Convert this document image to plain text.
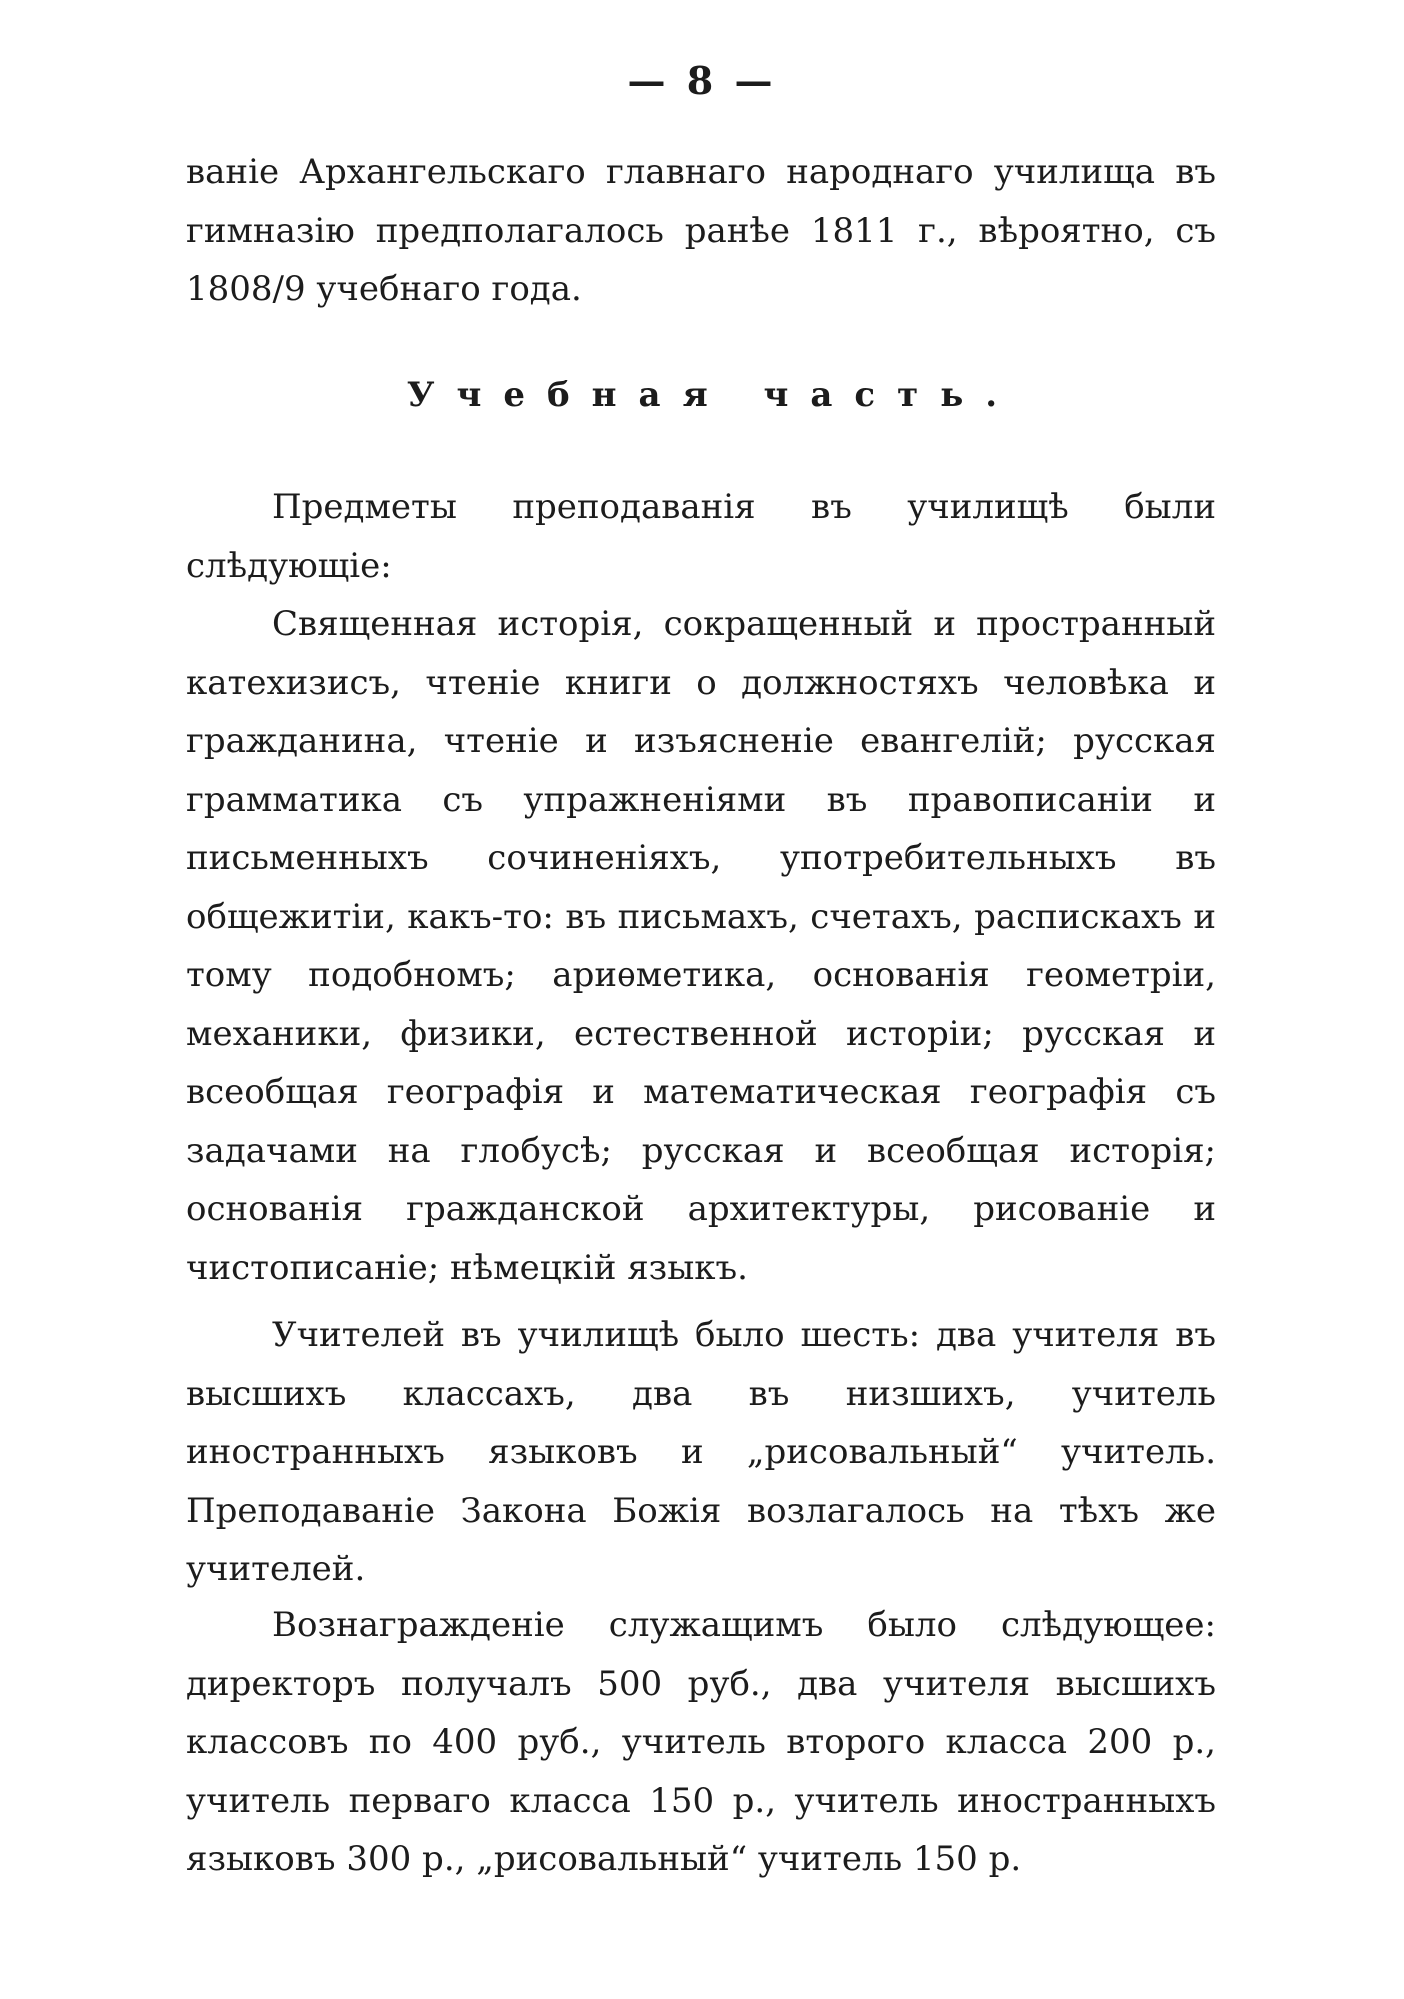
— 8 —

ваніе Архангельскаго главнаго народнаго училища въ гимназію предполагалось ранѣе 1811 г., вѣроятно, съ 1808/9 учебнаго года.

Учебная часть.

Предметы преподаванія въ училищѣ были слѣдующіе:

Священная исторія, сокращенный и пространный катехизисъ, чтеніе книги о должностяхъ человѣка и гражданина, чтеніе и изъясненіе евангелій; русская грамматика съ упражненіями въ правописаніи и письменныхъ сочиненіяхъ, употребительныхъ въ общежитіи, какъ-то: въ письмахъ, счетахъ, распискахъ и тому подобномъ; ариѳметика, основанія геометріи, механики, физики, естественной исторіи; русская и всеобщая географія и математическая географія съ задачами на глобусѣ; русская и всеобщая исторія; основанія гражданской архитектуры, рисованіе и чистописаніе; нѣмецкій языкъ.

Учителей въ училищѣ было шесть: два учителя въ высшихъ классахъ, два въ низшихъ, учитель иностранныхъ языковъ и „рисовальный“ учитель. Преподаваніе Закона Божія возлагалось на тѣхъ же учителей.

Вознагражденіе служащимъ было слѣдующее: директоръ получалъ 500 руб., два учителя высшихъ классовъ по 400 руб., учитель второго класса 200 р., учитель перваго класса 150 р., учитель иностранныхъ языковъ 300 р., „рисовальный“ учитель 150 р.
